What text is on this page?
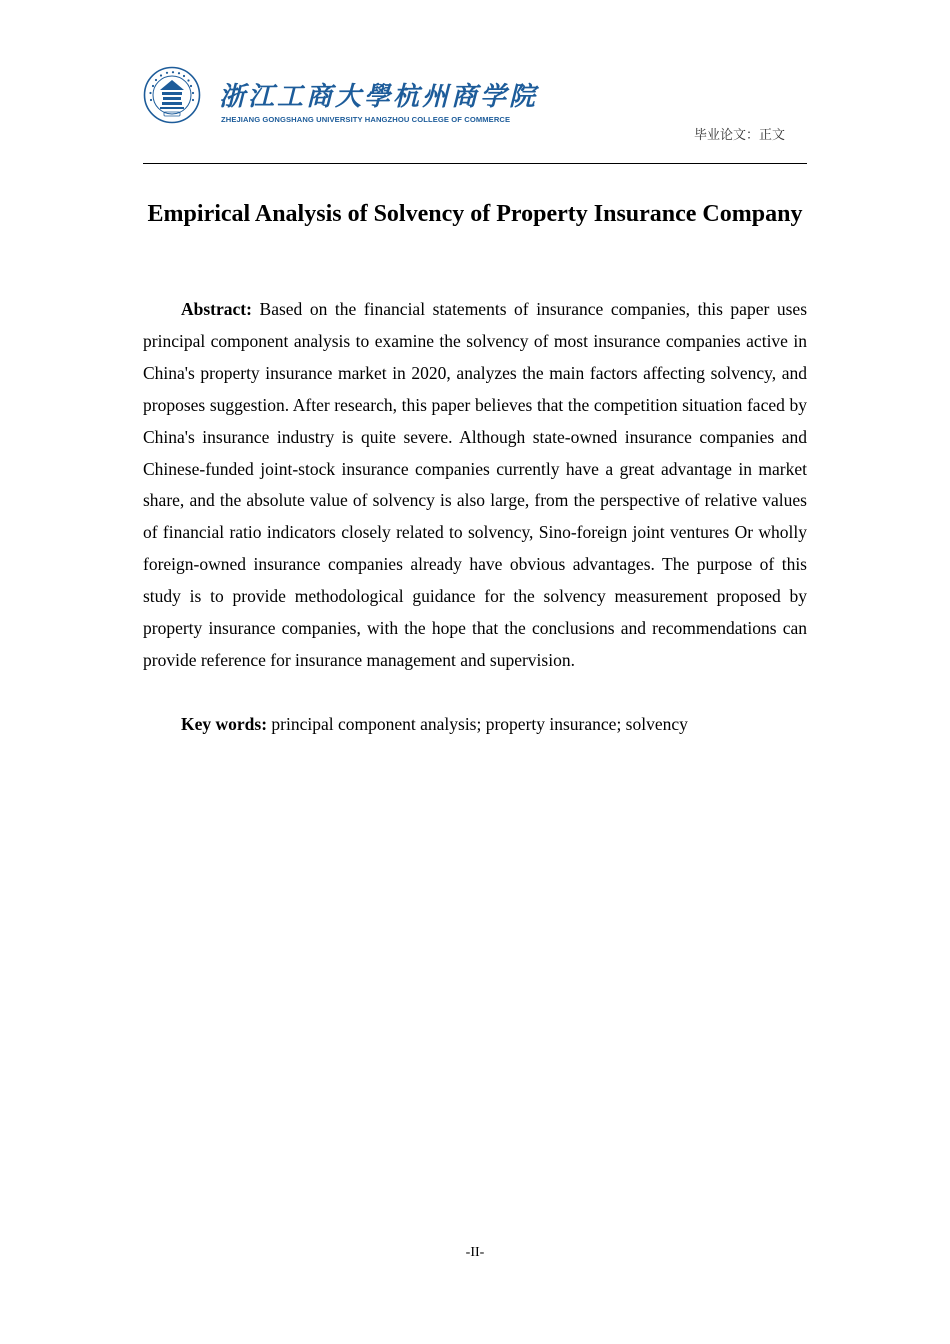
浙江工商大學杭州商学院
ZHEJIANG GONGSHANG UNIVERSITY HANGZHOU COLLEGE OF COMMERCE
毕业论文：正文
Empirical Analysis of Solvency of Property Insurance Company

Abstract: Based on the financial statements of insurance companies, this paper uses principal component analysis to examine the solvency of most insurance companies active in China's property insurance market in 2020, analyzes the main factors affecting solvency, and proposes suggestion. After research, this paper believes that the competition situation faced by China's insurance industry is quite severe. Although state-owned insurance companies and Chinese-funded joint-stock insurance companies currently have a great advantage in market share, and the absolute value of solvency is also large, from the perspective of relative values of financial ratio indicators closely related to solvency, Sino-foreign joint ventures Or wholly foreign-owned insurance companies already have obvious advantages. The purpose of this study is to provide methodological guidance for the solvency measurement proposed by property insurance companies, with the hope that the conclusions and recommendations can provide reference for insurance management and supervision.

Key words: principal component analysis; property insurance; solvency

-II-
